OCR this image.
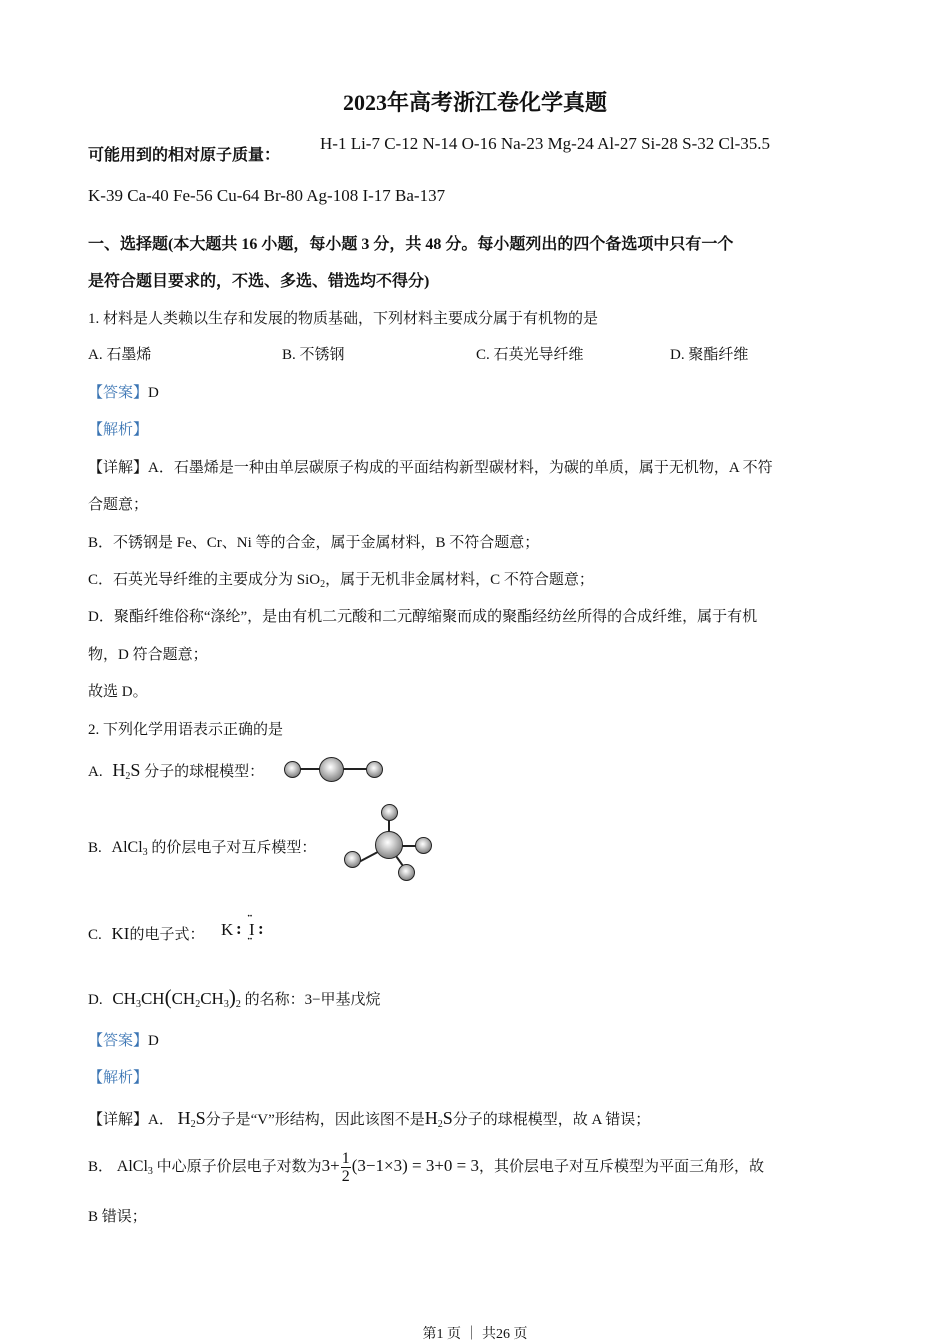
2023年高考浙江卷化学真题
可能用到的相对原子质量：
H-1 Li-7 C-12 N-14 O-16 Na-23 Mg-24 Al-27 Si-28 S-32 Cl-35.5
K-39 Ca-40 Fe-56 Cu-64 Br-80 Ag-108 I-17 Ba-137
一、选择题(本大题共 16 小题，每小题 3 分，共 48 分。每小题列出的四个备选项中只有一个
是符合题目要求的，不选、多选、错选均不得分)
1. 材料是人类赖以生存和发展的物质基础，下列材料主要成分属于有机物的是
A. 石墨烯	B. 不锈钢	C. 石英光导纤维	D. 聚酯纤维
【答案】D
【解析】
【详解】A．石墨烯是一种由单层碳原子构成的平面结构新型碳材料，为碳的单质，属于无机物，A 不符
合题意；
B．不锈钢是 Fe、Cr、Ni 等的合金，属于金属材料，B 不符合题意；
C．石英光导纤维的主要成分为 SiO$_2$，属于无机非金属材料，C 不符合题意；
D．聚酯纤维俗称“涤纶”，是由有机二元酸和二元醇缩聚而成的聚酯经纺丝所得的合成纤维，属于有机
物，D 符合题意；
故选 D。
2. 下列化学用语表示正确的是
A. $H_2S$ 分子的球棍模型：
B. AlCl$_3$ 的价层电子对互斥模型：
C. KI的电子式： K :
··
I
··
:
D. $CH_3CH(CH_2CH_3)_2$ 的名称：3−甲基戊烷
【答案】D
【解析】
【详解】A． $H_2S$分子是“V”形结构，因此该图不是$H_2S$分子的球棍模型，故 A 错误；
B． AlCl$_3$ 中心原子价层电子对数为$3+ \frac{1}{2} (3-1\times 3) = 3+0 = 3$，其价层电子对互斥模型为平面三角形，故
B 错误；
第1 页 ｜ 共26 页
